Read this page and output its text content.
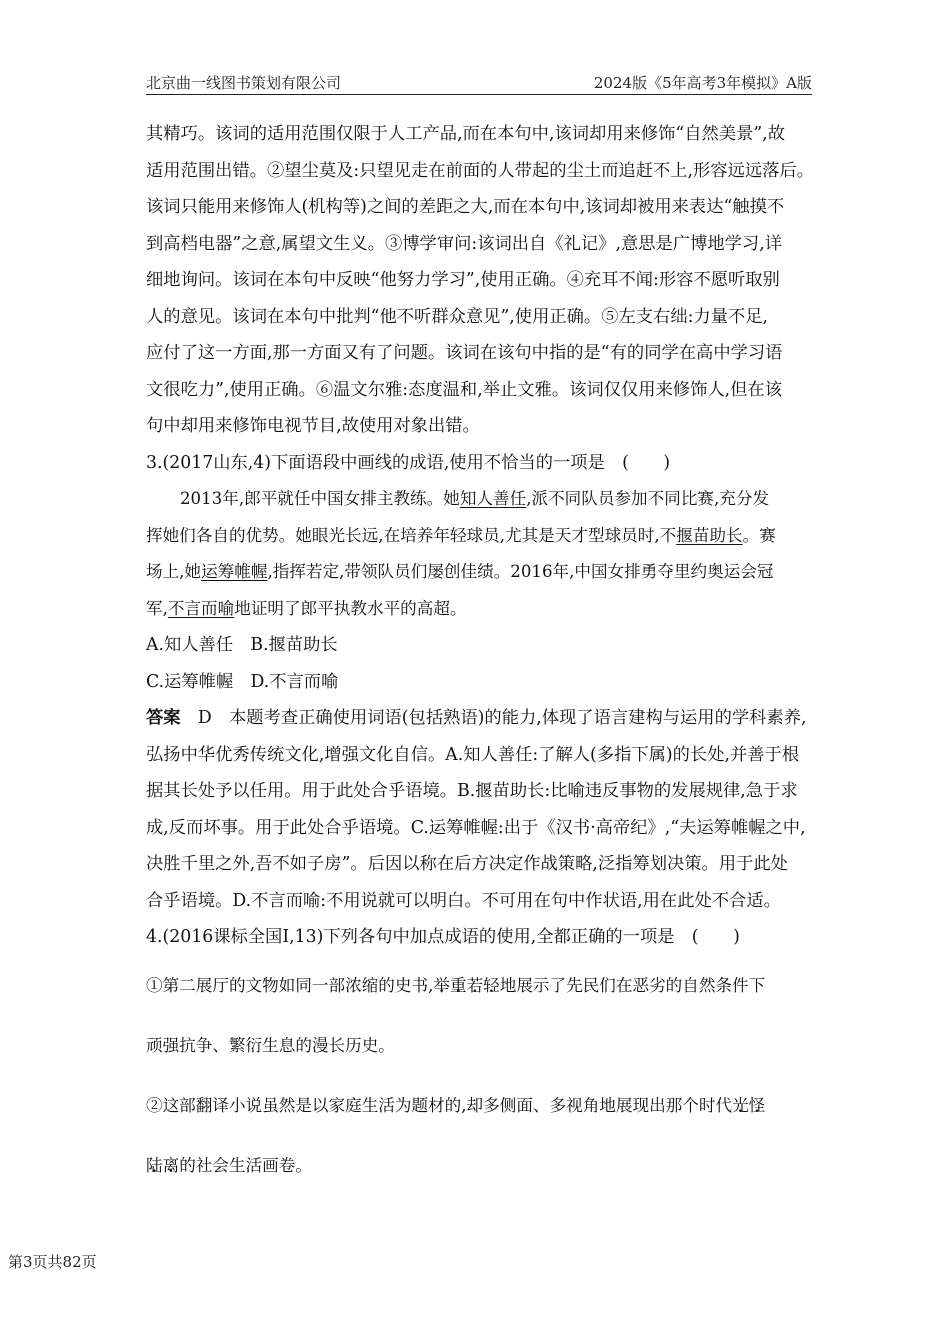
北京曲一线图书策划有限公司	2024版《5年高考3年模拟》A版

其精巧。该词的适用范围仅限于人工产品,而在本句中,该词却用来修饰“自然美景”,故

适用范围出错。②望尘莫及:只望见走在前面的人带起的尘土而追赶不上,形容远远落后。

该词只能用来修饰人(机构等)之间的差距之大,而在本句中,该词却被用来表达“触摸不

到高档电器”之意,属望文生义。③博学审问:该词出自《礼记》,意思是广博地学习,详

细地询问。该词在本句中反映“他努力学习”,使用正确。④充耳不闻:形容不愿听取别

人的意见。该词在本句中批判“他不听群众意见”,使用正确。⑤左支右绌:力量不足,

应付了这一方面,那一方面又有了问题。该词在该句中指的是“有的同学在高中学习语

文很吃力”,使用正确。⑥温文尔雅:态度温和,举止文雅。该词仅仅用来修饰人,但在该

句中却用来修饰电视节目,故使用对象出错。

3.(2017山东,4)下面语段中画线的成语,使用不恰当的一项是　(　　)

2013年,郎平就任中国女排主教练。她知人善任,派不同队员参加不同比赛,充分发

挥她们各自的优势。她眼光长远,在培养年轻球员,尤其是天才型球员时,不揠苗助长。赛

场上,她运筹帷幄,指挥若定,带领队员们屡创佳绩。2016年,中国女排勇夺里约奥运会冠

军,不言而喻地证明了郎平执教水平的高超。

A.知人善任　B.揠苗助长

C.运筹帷幄　D.不言而喻

答案　D　本题考查正确使用词语(包括熟语)的能力,体现了语言建构与运用的学科素养,

弘扬中华优秀传统文化,增强文化自信。A.知人善任:了解人(多指下属)的长处,并善于根

据其长处予以任用。用于此处合乎语境。B.揠苗助长:比喻违反事物的发展规律,急于求

成,反而坏事。用于此处合乎语境。C.运筹帷幄:出于《汉书·高帝纪》,“夫运筹帷幄之中,

决胜千里之外,吾不如子房”。后因以称在后方决定作战策略,泛指筹划决策。用于此处

合乎语境。D.不言而喻:不用说就可以明白。不可用在句中作状语,用在此处不合适。

4.(2016课标全国Ⅰ,13)下列各句中加点成语的使用,全都正确的一项是　(　　)

①第二展厅的文物如同一部浓缩的史书,. 举. 重. 若. 轻地展示了先民们在恶劣的自然条件下

顽强抗争、繁衍生息的漫长历史。

②这部翻译小说虽然是以家庭生活为题材的,却多侧面、多视角地展现出那个时代. 光. 怪

. 陆. 离的社会生活画卷。

第3页共82页
